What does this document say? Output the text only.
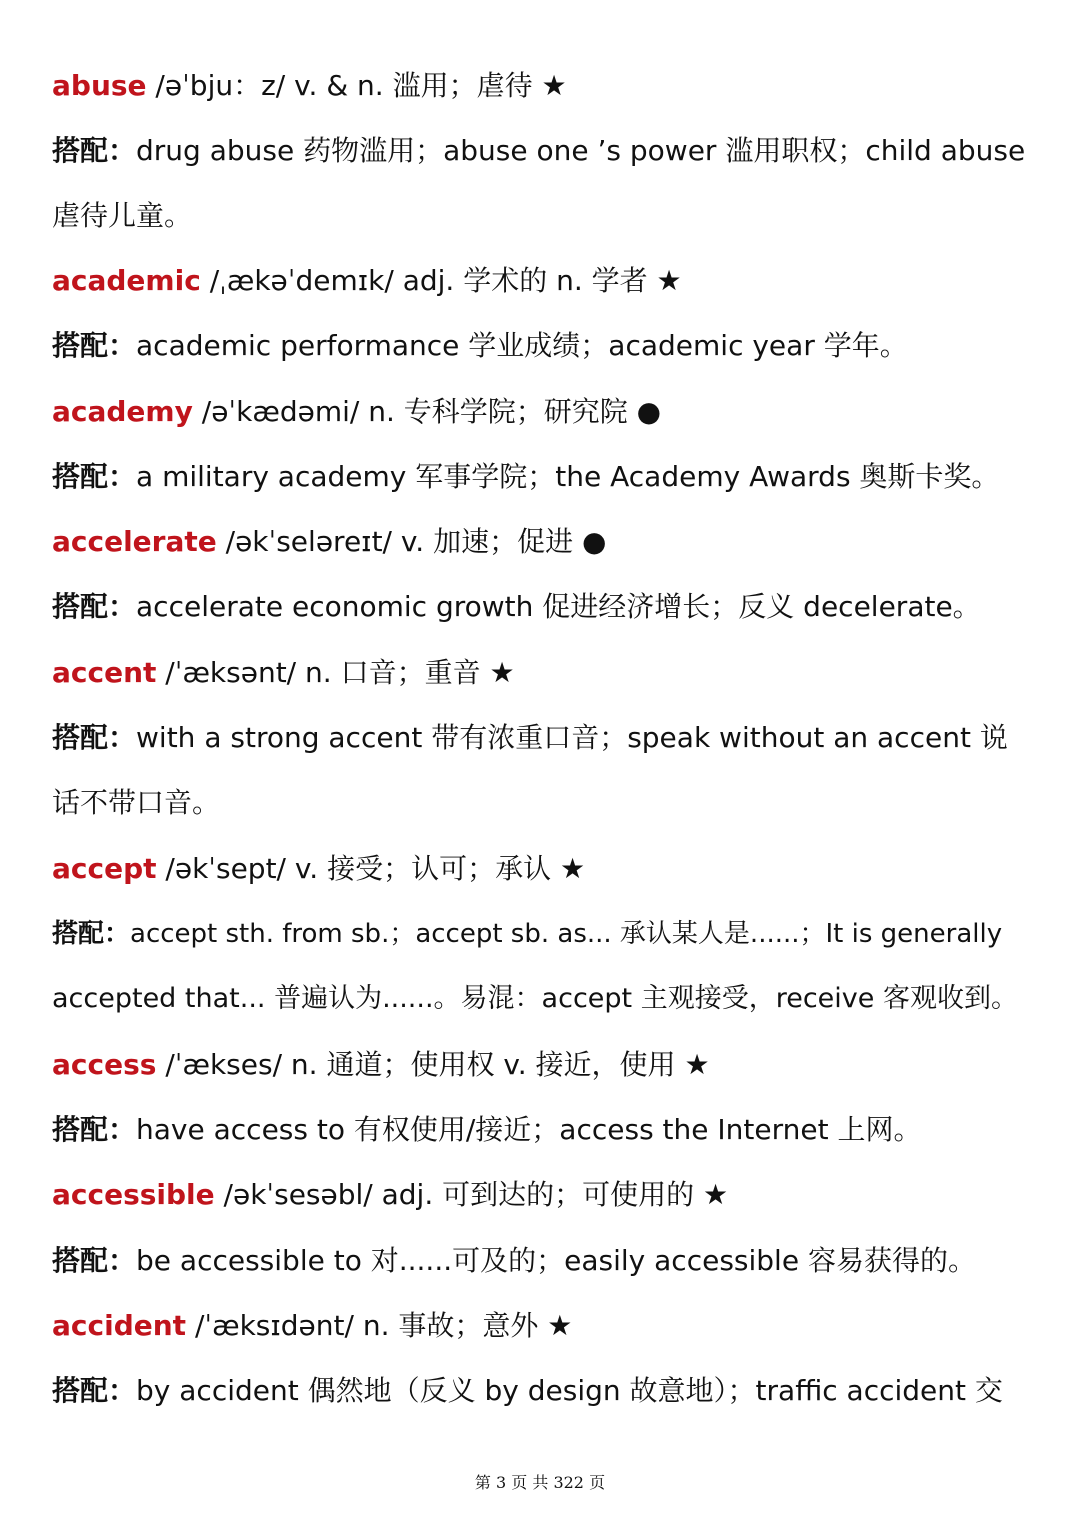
abuse /əˈbju：z/ v. & n. 滥用；虐待 ★
搭配：drug abuse 药物滥用；abuse one ’s power 滥用职权；child abuse
虐待儿童。
academic /ˌækəˈdemɪk/ adj. 学术的 n. 学者 ★
搭配：academic performance 学业成绩；academic year 学年。
academy /əˈkædəmi/ n. 专科学院；研究院 ●
搭配：a military academy 军事学院；the Academy Awards 奥斯卡奖。
accelerate /əkˈseləreɪt/ v. 加速；促进 ●
搭配：accelerate economic growth 促进经济增长；反义 decelerate。
accent /ˈæksənt/ n. 口音；重音 ★
搭配：with a strong accent 带有浓重口音；speak without an accent 说
话不带口音。
accept /əkˈsept/ v. 接受；认可；承认 ★
搭配：accept sth. from sb.；accept sb. as... 承认某人是......；It is generally
accepted that... 普遍认为......。易混：accept 主观接受，receive 客观收到。
access /ˈækses/ n. 通道；使用权 v. 接近，使用 ★
搭配：have access to 有权使用/接近；access the Internet 上网。
accessible /əkˈsesəbl/ adj. 可到达的；可使用的 ★
搭配：be accessible to 对......可及的；easily accessible 容易获得的。
accident /ˈæksɪdənt/ n. 事故；意外 ★
搭配：by accident 偶然地（反义 by design 故意地）；traffic accident 交
第 3 页 共 322 页
